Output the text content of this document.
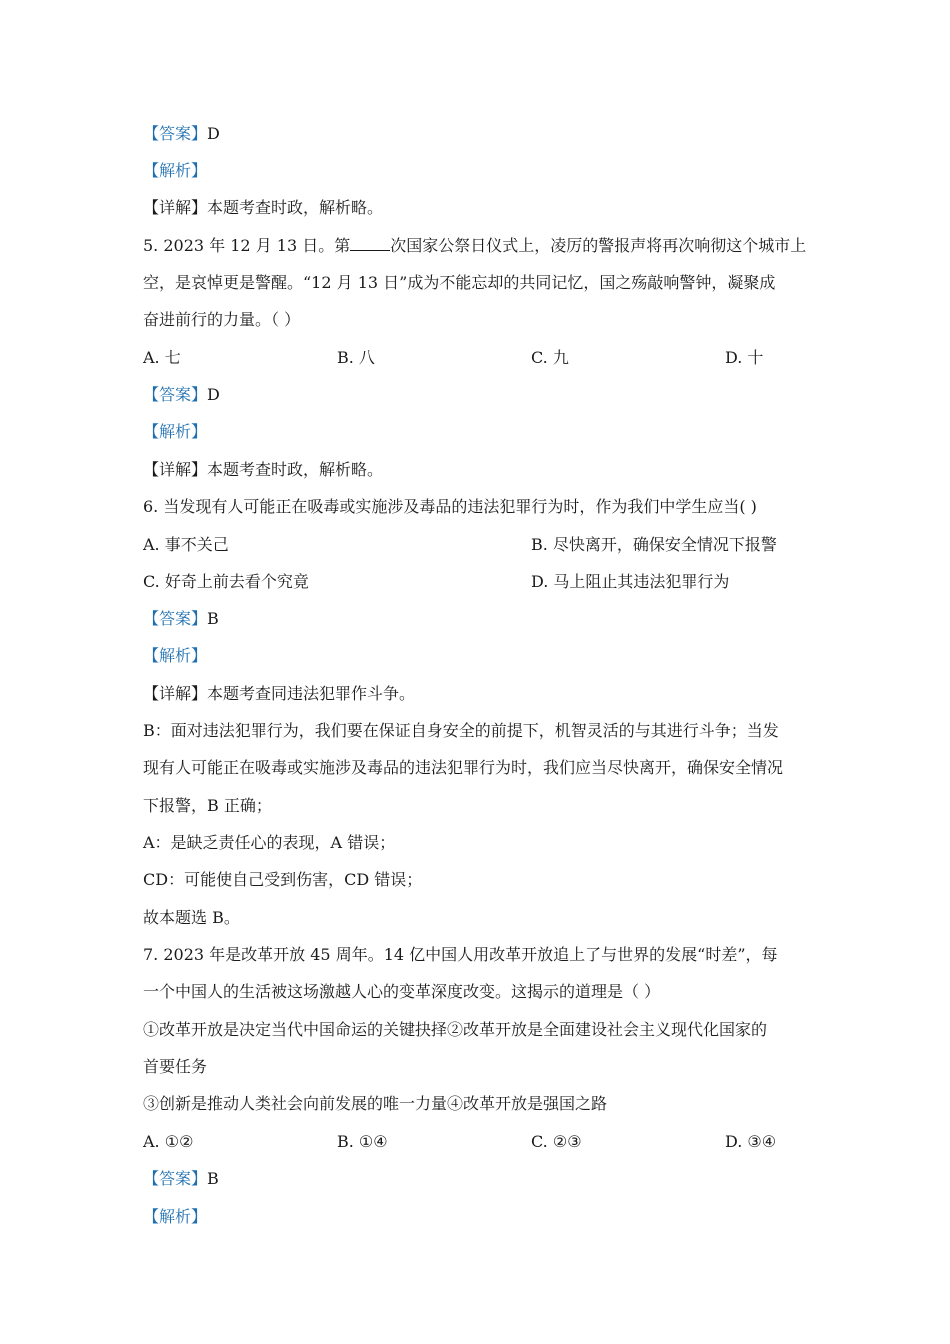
【答案】D
【解析】
【详解】本题考查时政，解析略。
5. 2023 年 12 月 13 日。第	次国家公祭日仪式上，凌厉的警报声将再次响彻这个城市上
空，是哀悼更是警醒。“12 月 13 日”成为不能忘却的共同记忆，国之殇敲响警钟，凝聚成
奋进前行的力量。（ ）
A. 七	B. 八	C. 九	D. 十
【答案】D
【解析】
【详解】本题考查时政，解析略。
6. 当发现有人可能正在吸毒或实施涉及毒品的违法犯罪行为时，作为我们中学生应当( )
A. 事不关己	B. 尽快离开，确保安全情况下报警
C. 好奇上前去看个究竟	D. 马上阻止其违法犯罪行为
【答案】B
【解析】
【详解】本题考查同违法犯罪作斗争。
B：面对违法犯罪行为，我们要在保证自身安全的前提下，机智灵活的与其进行斗争；当发
现有人可能正在吸毒或实施涉及毒品的违法犯罪行为时，我们应当尽快离开，确保安全情况
下报警，B 正确；
A：是缺乏责任心的表现，A 错误；
CD：可能使自己受到伤害，CD 错误；
故本题选 B。
7. 2023 年是改革开放 45 周年。14 亿中国人用改革开放追上了与世界的发展“时差”，每
一个中国人的生活被这场激越人心的变革深度改变。这揭示的道理是（ ）
①改革开放是决定当代中国命运的关键抉择②改革开放是全面建设社会主义现代化国家的
首要任务
③创新是推动人类社会向前发展的唯一力量④改革开放是强国之路
A. ①②	B. ①④	C. ②③	D. ③④
【答案】B
【解析】
